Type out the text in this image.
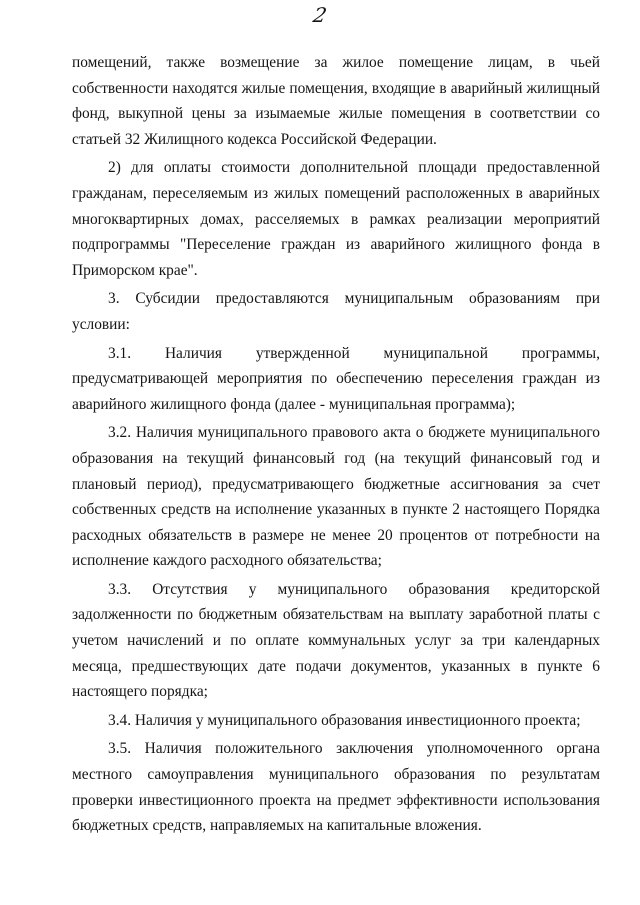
2

помещений, также возмещение за жилое помещение лицам, в чьей собственности находятся жилые помещения, входящие в аварийный жилищный фонд, выкупной цены за изымаемые жилые помещения в соответствии со статьей 32 Жилищного кодекса Российской Федерации.

2) для оплаты стоимости дополнительной площади предоставленной гражданам, переселяемым из жилых помещений расположенных в аварийных многоквартирных домах, расселяемых в рамках реализации мероприятий подпрограммы "Переселение граждан из аварийного жилищного фонда в Приморском крае".

3. Субсидии предоставляются муниципальным образованиям при условии:

3.1. Наличия утвержденной муниципальной программы, предусматривающей мероприятия по обеспечению переселения граждан из аварийного жилищного фонда (далее - муниципальная программа);

3.2. Наличия муниципального правового акта о бюджете муниципального образования на текущий финансовый год (на текущий финансовый год и плановый период), предусматривающего бюджетные ассигнования за счет собственных средств на исполнение указанных в пункте 2 настоящего Порядка расходных обязательств в размере не менее 20 процентов от потребности на исполнение каждого расходного обязательства;

3.3. Отсутствия у муниципального образования кредиторской задолженности по бюджетным обязательствам на выплату заработной платы с учетом начислений и по оплате коммунальных услуг за три календарных месяца, предшествующих дате подачи документов, указанных в пункте 6 настоящего порядка;

3.4. Наличия у муниципального образования инвестиционного проекта;

3.5. Наличия положительного заключения уполномоченного органа местного самоуправления муниципального образования по результатам проверки инвестиционного проекта на предмет эффективности использования бюджетных средств, направляемых на капитальные вложения.
